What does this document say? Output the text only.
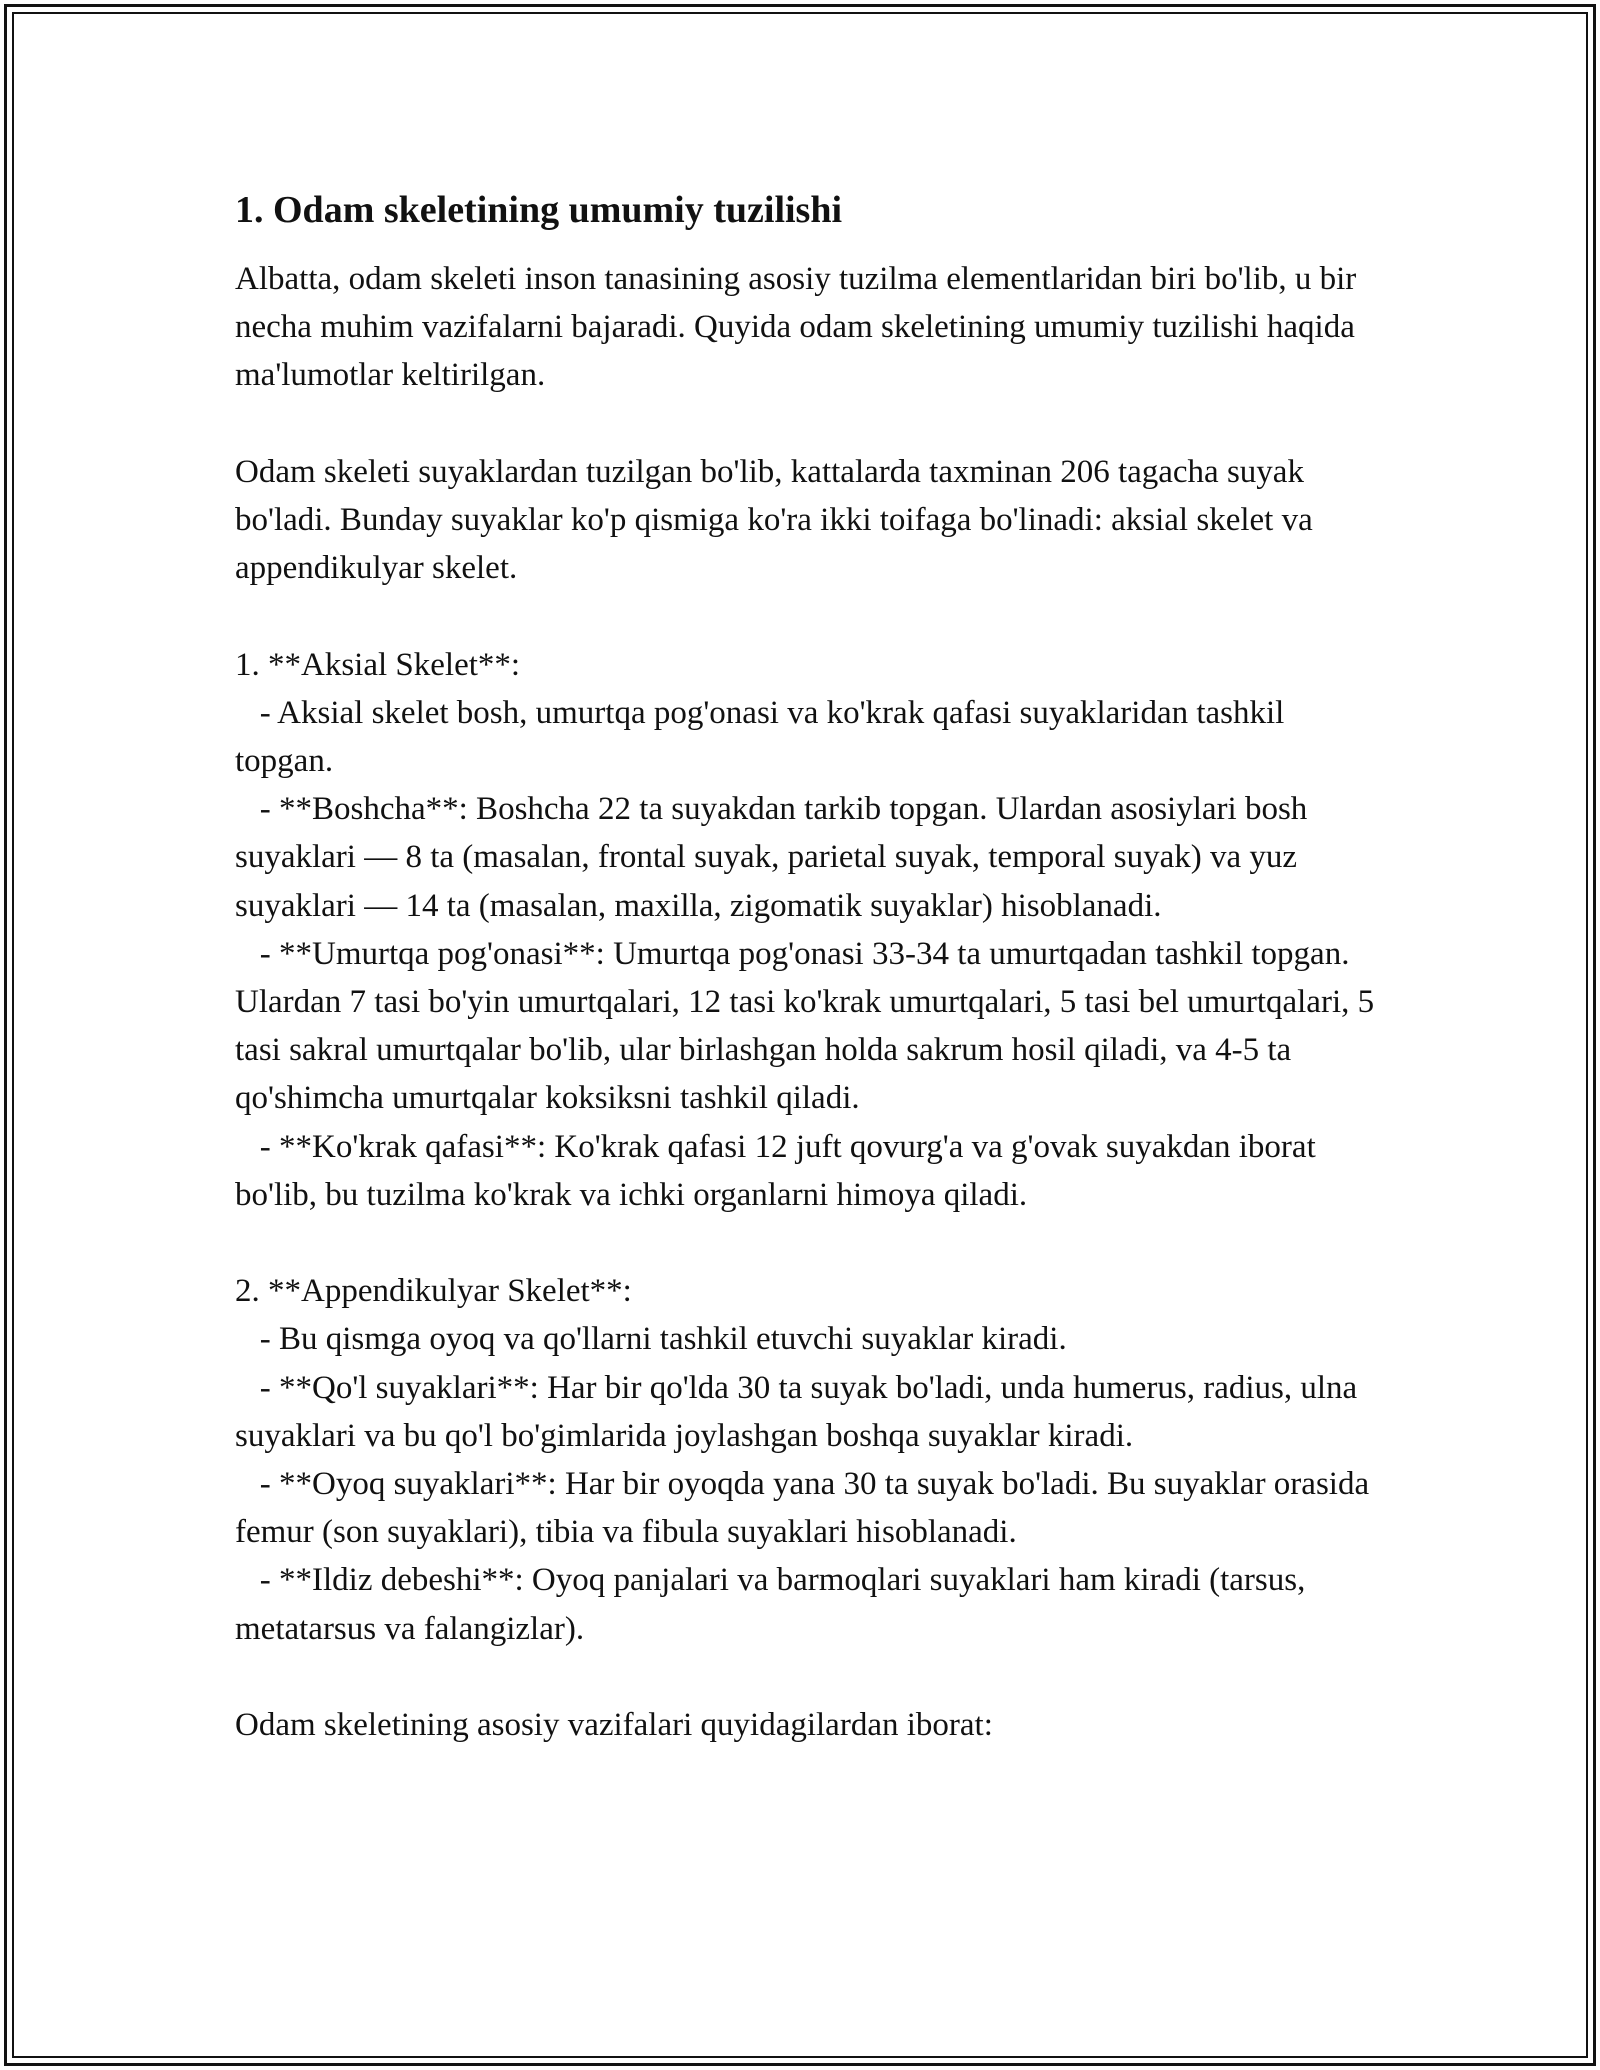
1. Odam skeletining umumiy tuzilishi

Albatta, odam skeleti inson tanasining asosiy tuzilma elementlaridan biri bo'lib, u bir necha muhim vazifalarni bajaradi. Quyida odam skeletining umumiy tuzilishi haqida ma'lumotlar keltirilgan.

Odam skeleti suyaklardan tuzilgan bo'lib, kattalarda taxminan 206 tagacha suyak bo'ladi. Bunday suyaklar ko'p qismiga ko'ra ikki toifaga bo'linadi: aksial skelet va appendikulyar skelet.

1. **Aksial Skelet**:
- Aksial skelet bosh, umurtqa pog'onasi va ko'krak qafasi suyaklaridan tashkil topgan.
- **Boshcha**: Boshcha 22 ta suyakdan tarkib topgan. Ulardan asosiylari bosh suyaklari — 8 ta (masalan, frontal suyak, parietal suyak, temporal suyak) va yuz suyaklari — 14 ta (masalan, maxilla, zigomatik suyaklar) hisoblanadi.
- **Umurtqa pog'onasi**: Umurtqa pog'onasi 33-34 ta umurtqadan tashkil topgan. Ulardan 7 tasi bo'yin umurtqalari, 12 tasi ko'krak umurtqalari, 5 tasi bel umurtqalari, 5 tasi sakral umurtqalar bo'lib, ular birlashgan holda sakrum hosil qiladi, va 4-5 ta qo'shimcha umurtqalar koksiksni tashkil qiladi.
- **Ko'krak qafasi**: Ko'krak qafasi 12 juft qovurg'a va g'ovak suyakdan iborat bo'lib, bu tuzilma ko'krak va ichki organlarni himoya qiladi.

2. **Appendikulyar Skelet**:
- Bu qismga oyoq va qo'llarni tashkil etuvchi suyaklar kiradi.
- **Qo'l suyaklari**: Har bir qo'lda 30 ta suyak bo'ladi, unda humerus, radius, ulna suyaklari va bu qo'l bo'gimlarida joylashgan boshqa suyaklar kiradi.
- **Oyoq suyaklari**: Har bir oyoqda yana 30 ta suyak bo'ladi. Bu suyaklar orasida femur (son suyaklari), tibia va fibula suyaklari hisoblanadi.
- **Ildiz debeshi**: Oyoq panjalari va barmoqlari suyaklari ham kiradi (tarsus, metatarsus va falangizlar).

Odam skeletining asosiy vazifalari quyidagilardan iborat:
